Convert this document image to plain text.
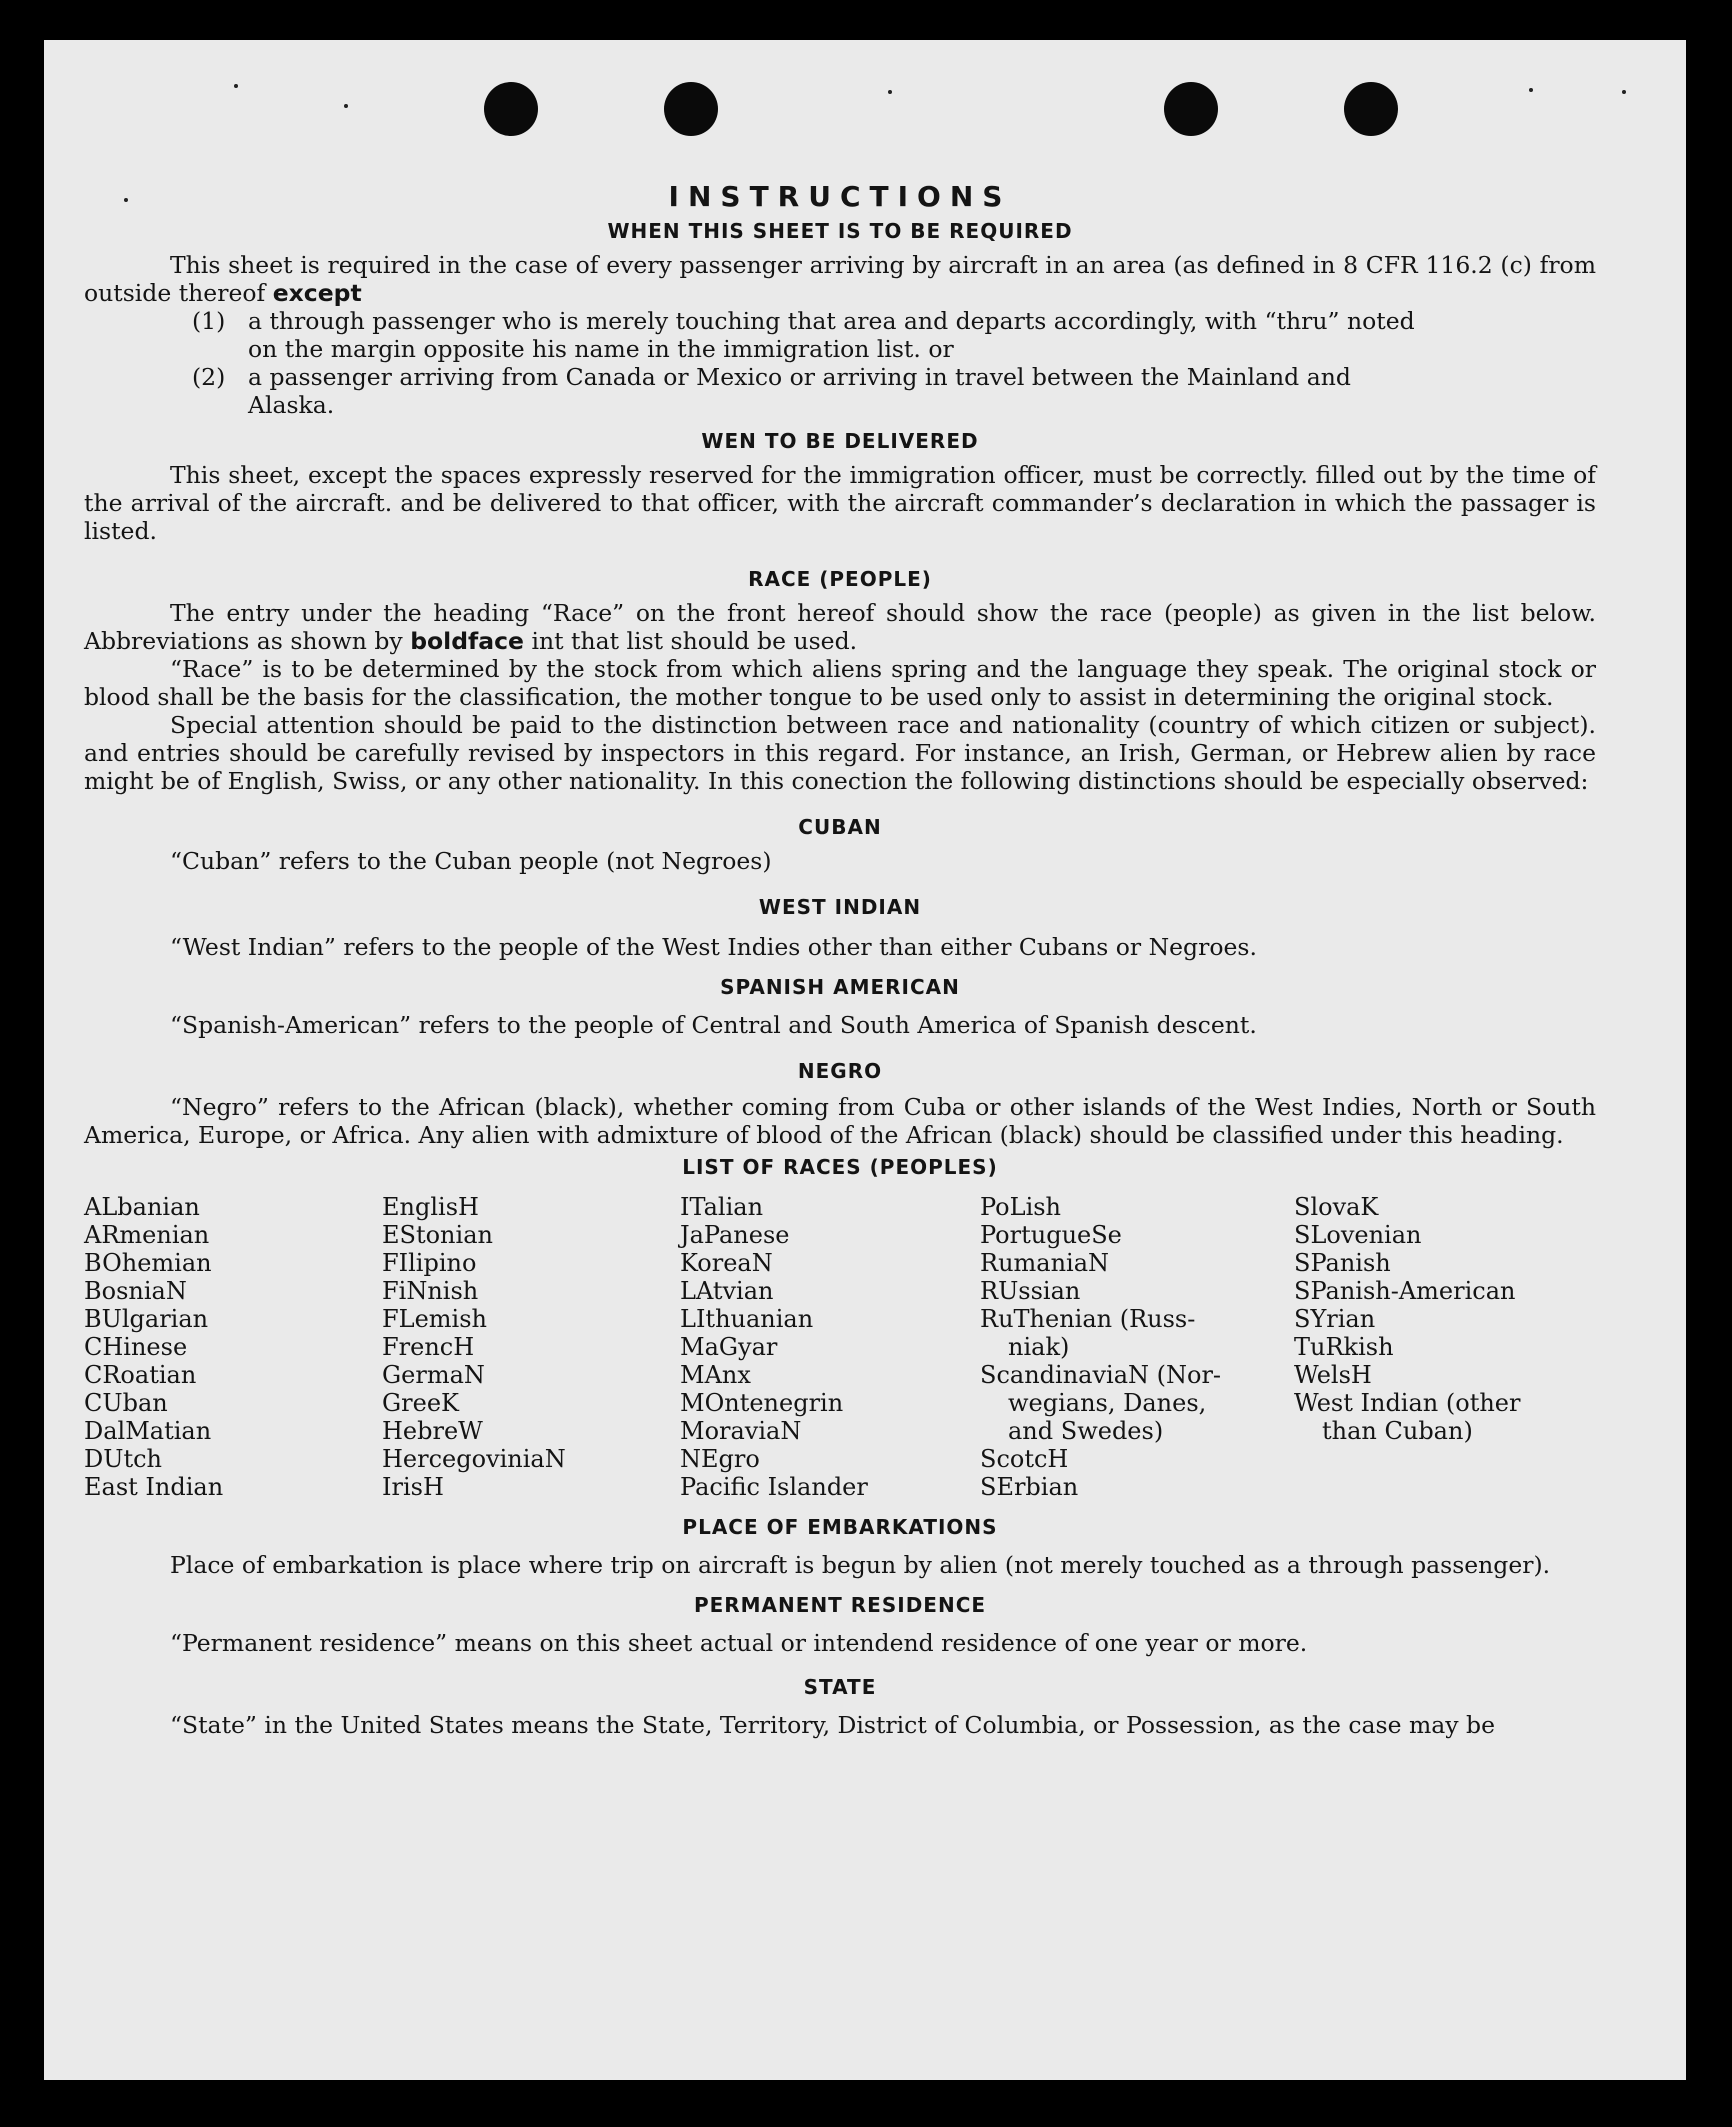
INSTRUCTIONS
WHEN THIS SHEET IS TO BE REQUIRED

This sheet is required in the case of every passenger arriving by aircraft in an area (as defined in 8 CFR 116.2 (c) from outside thereof except

(1) a through passenger who is merely touching that area and departs accordingly, with “thru” noted
on the margin opposite his name in the immigration list. or
(2) a passenger arriving from Canada or Mexico or arriving in travel between the Mainland and
Alaska.
WEN TO BE DELIVERED

This sheet, except the spaces expressly reserved for the immigration officer, must be correctly. filled out by the time of the arrival of the aircraft. and be delivered to that officer, with the aircraft commander’s declaration in which the passager is listed.

RACE (PEOPLE)

The entry under the heading “Race” on the front hereof should show the race (people) as given in the list below. Abbreviations as shown by boldface int that list should be used.

“Race” is to be determined by the stock from which aliens spring and the language they speak. The original stock or blood shall be the basis for the classification, the mother tongue to be used only to assist in determining the original stock.

Special attention should be paid to the distinction between race and nationality (country of which citizen or subject). and entries should be carefully revised by inspectors in this regard. For instance, an Irish, German, or Hebrew alien by race might be of English, Swiss, or any other nationality. In this conection the following distinctions should be especially observed:

CUBAN

“Cuban” refers to the Cuban people (not Negroes)

WEST INDIAN

“West Indian” refers to the people of the West Indies other than either Cubans or Negroes.

SPANISH AMERICAN

“Spanish-American” refers to the people of Central and South America of Spanish descent.

NEGRO

“Negro” refers to the African (black), whether coming from Cuba or other islands of the West Indies, North or South America, Europe, or Africa. Any alien with admixture of blood of the African (black) should be classified under this heading.

LIST OF RACES (PEOPLES)
ALbanian
ARmenian
BOhemian
BosniaN
BUlgarian
CHinese
CRoatian
CUban
DalMatian
DUtch
East Indian
EnglisH
EStonian
FIlipino
FiNnish
FLemish
FrencH
GermaN
GreeK
HebreW
HercegovіniaN
IrisH
ITalian
JaPanese
KoreaN
LAtvian
LIthuanian
MaGyar
MAnx
MOntenegrin
MoraviaN
NEgro
Pacific Islander
PoLish
PortugueSe
RumaniaN
RUssian
RuThenian (Russ-
niak)
ScandinaviaN (Nor-
wegians, Danes,
and Swedes)
ScotcH
SErbian
SlovaK
SLovenian
SPanish
SPanish-American
SYrian
TuRkish
WelsH
West Indian (other
than Cuban)
PLACE OF EMBARKATIONS

Place of embarkation is place where trip on aircraft is begun by alien (not merely touched as a through passenger).

PERMANENT RESIDENCE

“Permanent residence” means on this sheet actual or intendend residence of one year or more.

STATE

“State” in the United States means the State, Territory, District of Columbia, or Possession, as the case may be
